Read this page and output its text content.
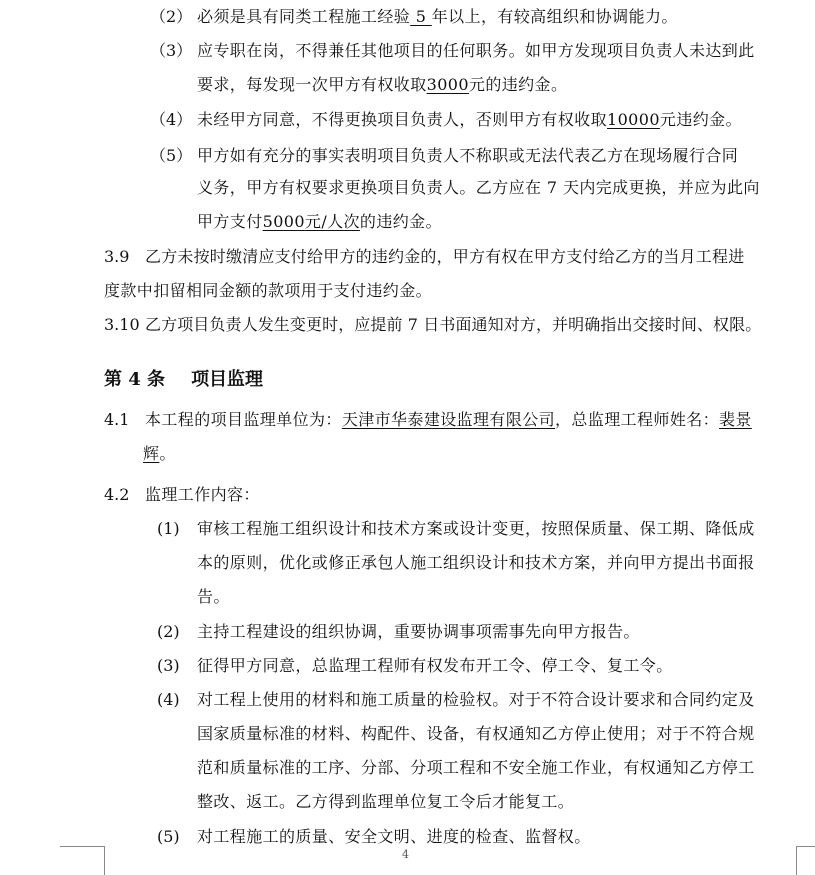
（2） 必须是具有同类工程施工经验 5 年以上，有较高组织和协调能力。
（3） 应专职在岗，不得兼任其他项目的任何职务。如甲方发现项目负责人未达到此
要求，每发现一次甲方有权收取3000元的违约金。
（4） 未经甲方同意，不得更换项目负责人，否则甲方有权收取10000元违约金。
（5） 甲方如有充分的事实表明项目负责人不称职或无法代表乙方在现场履行合同
义务，甲方有权要求更换项目负责人。乙方应在 7 天内完成更换，并应为此向
甲方支付5000元/人次的违约金。
3.9 乙方未按时缴清应支付给甲方的违约金的，甲方有权在甲方支付给乙方的当月工程进
度款中扣留相同金额的款项用于支付违约金。
3.10 乙方项目负责人发生变更时，应提前 7 日书面通知对方，并明确指出交接时间、权限。
第 4 条 项目监理
4.1 本工程的项目监理单位为：天津市华泰建设监理有限公司，总监理工程师姓名：裴景
辉。
4.2 监理工作内容：
(1) 审核工程施工组织设计和技术方案或设计变更，按照保质量、保工期、降低成
本的原则，优化或修正承包人施工组织设计和技术方案，并向甲方提出书面报
告。
(2) 主持工程建设的组织协调，重要协调事项需事先向甲方报告。
(3) 征得甲方同意，总监理工程师有权发布开工令、停工令、复工令。
(4) 对工程上使用的材料和施工质量的检验权。对于不符合设计要求和合同约定及
国家质量标准的材料、构配件、设备，有权通知乙方停止使用；对于不符合规
范和质量标准的工序、分部、分项工程和不安全施工作业，有权通知乙方停工
整改、返工。乙方得到监理单位复工令后才能复工。
(5) 对工程施工的质量、安全文明、进度的检查、监督权。
4
